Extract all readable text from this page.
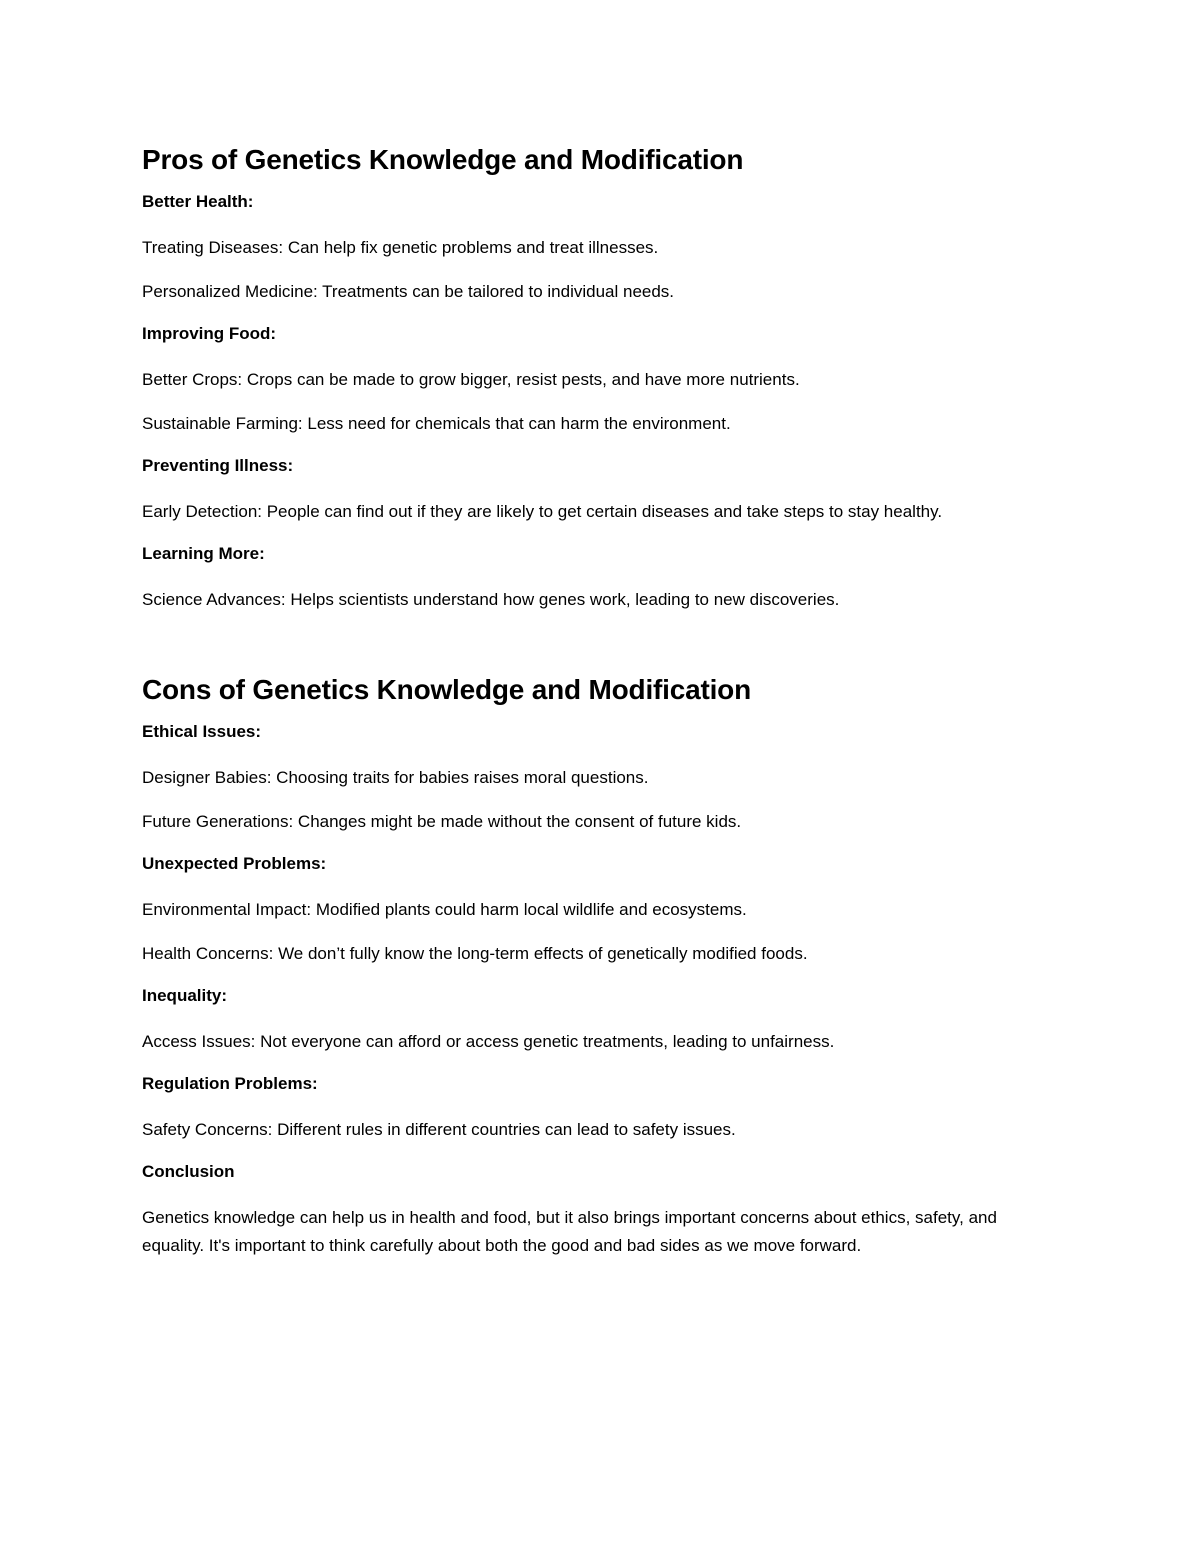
Pros of Genetics Knowledge and Modification
Better Health:
Treating Diseases: Can help fix genetic problems and treat illnesses.
Personalized Medicine: Treatments can be tailored to individual needs.
Improving Food:
Better Crops: Crops can be made to grow bigger, resist pests, and have more nutrients.
Sustainable Farming: Less need for chemicals that can harm the environment.
Preventing Illness:
Early Detection: People can find out if they are likely to get certain diseases and take steps to stay healthy.
Learning More:
Science Advances: Helps scientists understand how genes work, leading to new discoveries.
Cons of Genetics Knowledge and Modification
Ethical Issues:
Designer Babies: Choosing traits for babies raises moral questions.
Future Generations: Changes might be made without the consent of future kids.
Unexpected Problems:
Environmental Impact: Modified plants could harm local wildlife and ecosystems.
Health Concerns: We don’t fully know the long-term effects of genetically modified foods.
Inequality:
Access Issues: Not everyone can afford or access genetic treatments, leading to unfairness.
Regulation Problems:
Safety Concerns: Different rules in different countries can lead to safety issues.
Conclusion
Genetics knowledge can help us in health and food, but it also brings important concerns about ethics, safety, and equality. It's important to think carefully about both the good and bad sides as we move forward.
